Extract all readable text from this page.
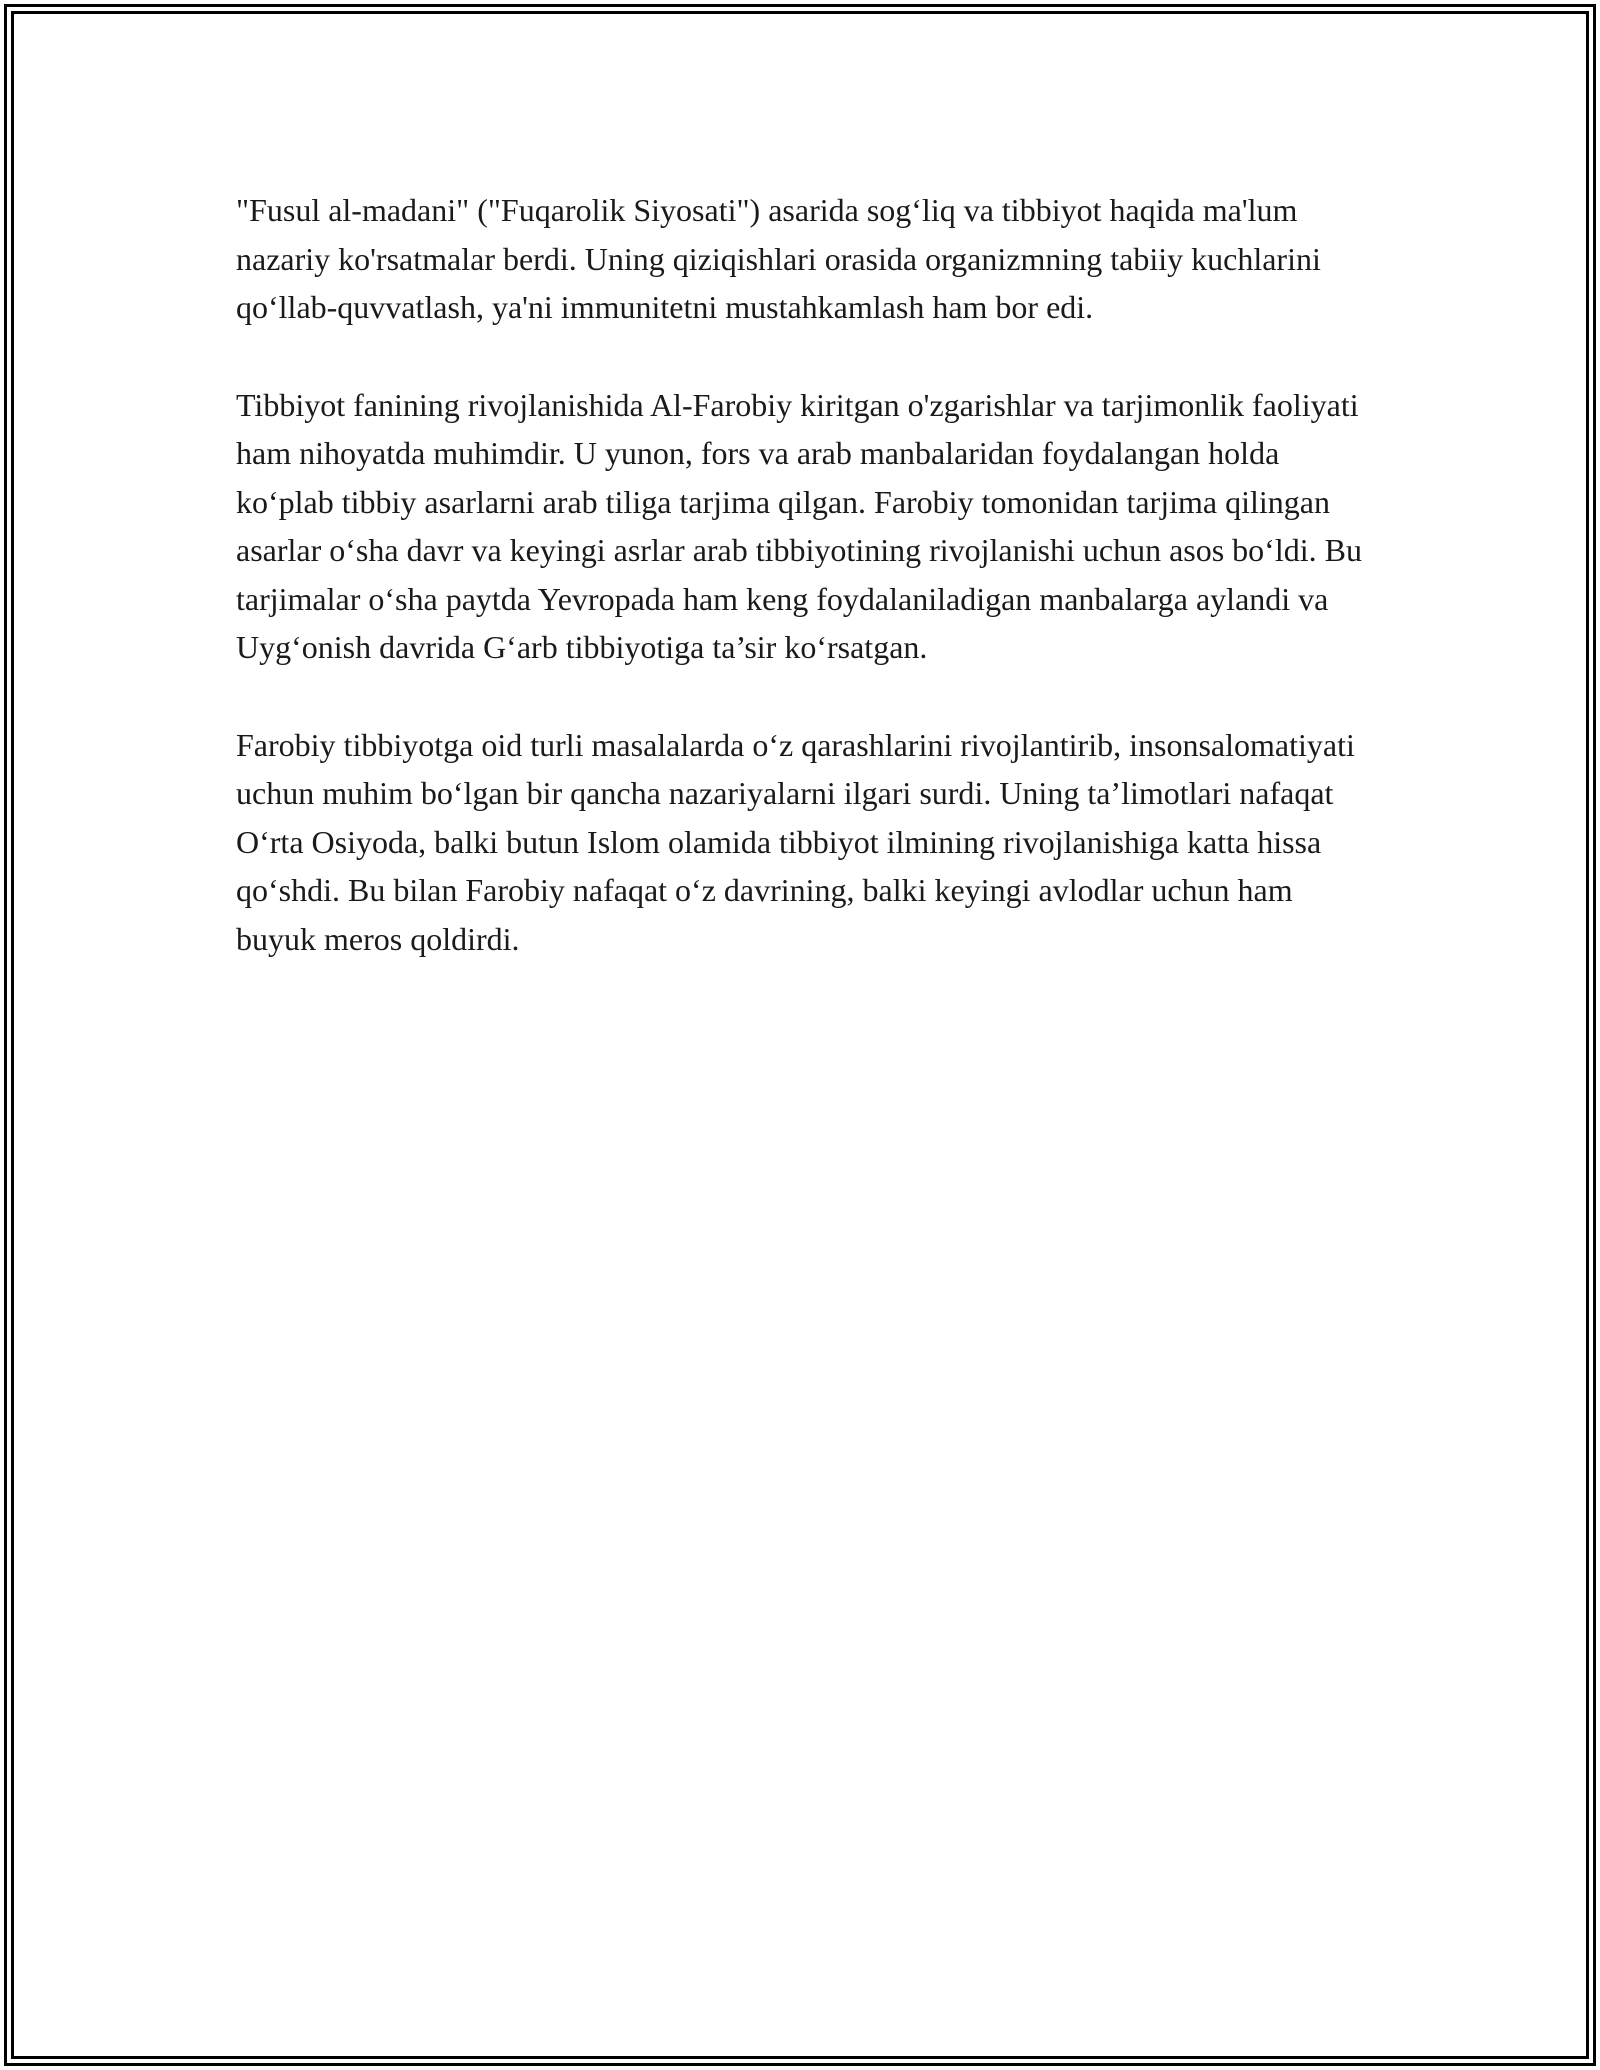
"Fusul al-madani" ("Fuqarolik Siyosati") asarida sog‘liq va tibbiyot haqida ma'lum nazariy ko'rsatmalar berdi. Uning qiziqishlari orasida organizmning tabiiy kuchlarini qo‘llab-quvvatlash, ya'ni immunitetni mustahkamlash ham bor edi.

Tibbiyot fanining rivojlanishida Al-Farobiy kiritgan o'zgarishlar va tarjimonlik faoliyati ham nihoyatda muhimdir. U yunon, fors va arab manbalaridan foydalangan holda ko‘plab tibbiy asarlarni arab tiliga tarjima qilgan. Farobiy tomonidan tarjima qilingan asarlar o‘sha davr va keyingi asrlar arab tibbiyotining rivojlanishi uchun asos bo‘ldi. Bu tarjimalar o‘sha paytda Yevropada ham keng foydalaniladigan manbalarga aylandi va Uyg‘onish davrida G‘arb tibbiyotiga ta’sir ko‘rsatgan.

Farobiy tibbiyotga oid turli masalalarda o‘z qarashlarini rivojlantirib, insonsalomatiyati uchun muhim bo‘lgan bir qancha nazariyalarni ilgari surdi. Uning ta’limotlari nafaqat O‘rta Osiyoda, balki butun Islom olamida tibbiyot ilmining rivojlanishiga katta hissa qo‘shdi. Bu bilan Farobiy nafaqat o‘z davrining, balki keyingi avlodlar uchun ham buyuk meros qoldirdi.
